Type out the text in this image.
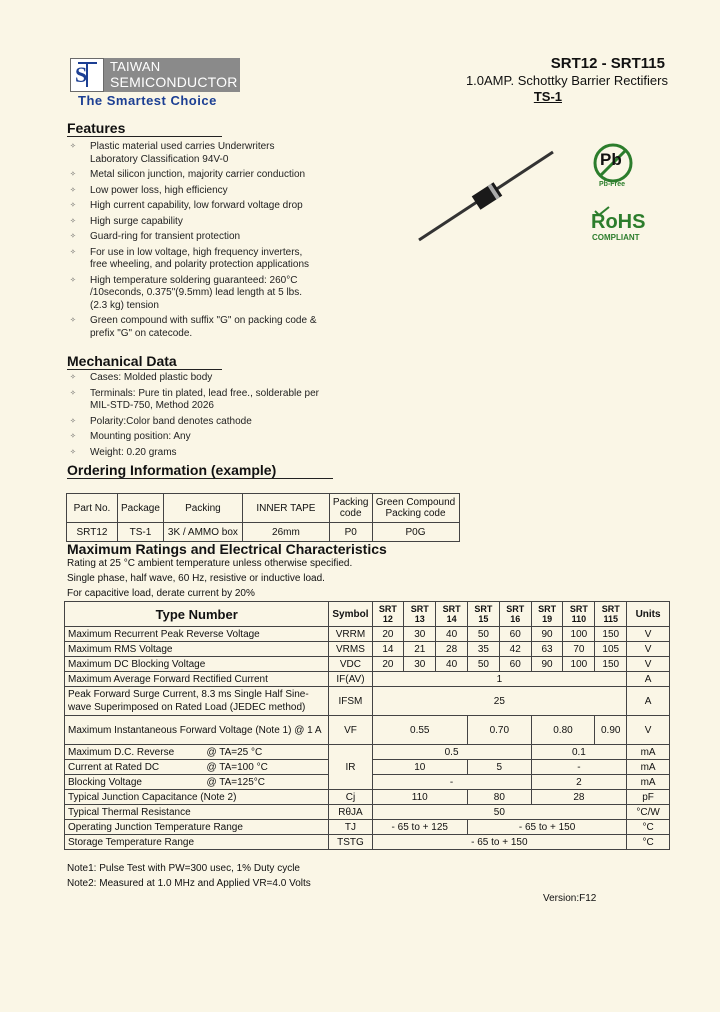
S TAIWAN
SEMICONDUCTOR
The Smartest Choice
SRT12 - SRT115
1.0AMP. Schottky Barrier Rectifiers
TS-1
Pb
Pb-Free
RoHS
COMPLIANT
Features
✧ Plastic material used carries Underwriters Laboratory Classification 94V-0
✧ Metal silicon junction, majority carrier conduction
✧ Low power loss, high efficiency
✧ High current capability, low forward voltage drop
✧ High surge capability
✧ Guard-ring for transient protection
✧ For use in low voltage, high frequency inverters, free wheeling, and polarity protection applications
✧ High temperature soldering guaranteed: 260°C /10seconds, 0.375"(9.5mm) lead length at 5 lbs. (2.3 kg) tension
✧ Green compound with suffix "G" on packing code & prefix "G" on catecode.
Mechanical Data
✧ Cases: Molded plastic body
✧ Terminals: Pure tin plated, lead free., solderable per MIL-STD-750, Method 2026
✧ Polarity:Color band denotes cathode
✧ Mounting position: Any
✧ Weight: 0.20 grams
Ordering Information (example)
Part No.	Package	Packing	INNER TAPE	Packing code	Green Compound Packing code
SRT12	TS-1	3K / AMMO box	26mm	P0	P0G
Maximum Ratings and Electrical Characteristics
Rating at 25 °C ambient temperature unless otherwise specified.
Single phase, half wave, 60 Hz, resistive or inductive load.
For capacitive load, derate current by 20%
Type Number	Symbol	SRT 12	SRT 13	SRT 14	SRT 15	SRT 16	SRT 19	SRT 110	SRT 115	Units
Maximum Recurrent Peak Reverse Voltage	VRRM	20	30	40	50	60	90	100	150	V
Maximum RMS Voltage	VRMS	14	21	28	35	42	63	70	105	V
Maximum DC Blocking Voltage	VDC	20	30	40	50	60	90	100	150	V
Maximum Average Forward Rectified Current	IF(AV)	1								A
Peak Forward Surge Current, 8.3 ms Single Half Sine-wave Superimposed on Rated Load (JEDEC method)	IFSM	25								A
Maximum Instantaneous Forward Voltage (Note 1) @ 1 A	VF	0.55			0.70		0.80		0.90	V
Maximum D.C. Reverse @ TA=25 °C	IR	0.5					0.1			mA
Current at Rated DC @ TA=100 °C		10			5		-			mA
Blocking Voltage @ TA=125°C		-					2			mA
Typical Junction Capacitance (Note 2)	Cj	110			80		28			pF
Typical Thermal Resistance	RθJA	50								°C/W
Operating Junction Temperature Range	TJ	- 65 to + 125			- 65 to + 150					°C
Storage Temperature Range	TSTG	- 65 to + 150								°C
Note1: Pulse Test with PW=300 usec, 1% Duty cycle
Note2: Measured at 1.0 MHz and Applied VR=4.0 Volts
Version:F12
